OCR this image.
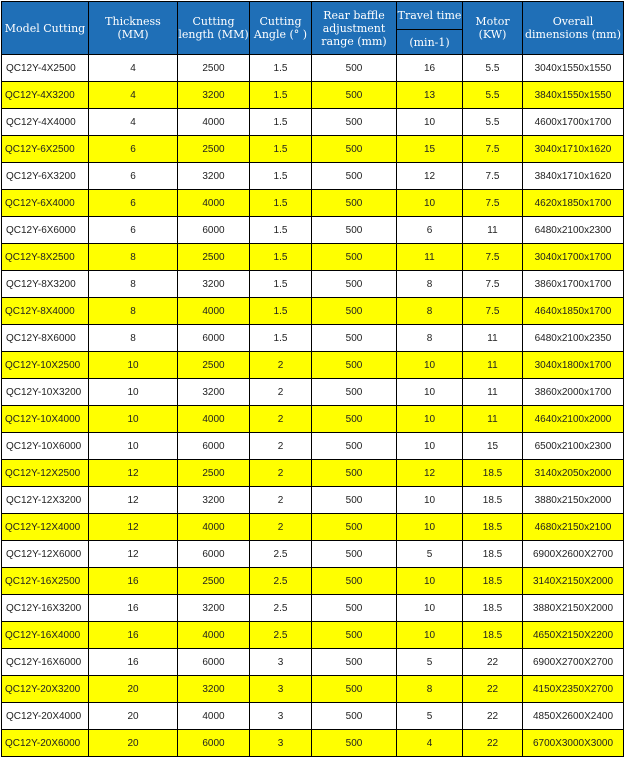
Model Cutting	Thickness (MM)	Cutting length (MM)	Cutting Angle (° )	Rear baffle adjustment range (mm)	Travel time	Motor (KW)	Overall dimensions (mm)
					(min-1)		
QC12Y-4X2500	4	2500	1.5	500	16	5.5	3040x1550x1550
QC12Y-4X3200	4	3200	1.5	500	13	5.5	3840x1550x1550
QC12Y-4X4000	4	4000	1.5	500	10	5.5	4600x1700x1700
QC12Y-6X2500	6	2500	1.5	500	15	7.5	3040x1710x1620
QC12Y-6X3200	6	3200	1.5	500	12	7.5	3840x1710x1620
QC12Y-6X4000	6	4000	1.5	500	10	7.5	4620x1850x1700
QC12Y-6X6000	6	6000	1.5	500	6	11	6480x2100x2300
QC12Y-8X2500	8	2500	1.5	500	11	7.5	3040x1700x1700
QC12Y-8X3200	8	3200	1.5	500	8	7.5	3860x1700x1700
QC12Y-8X4000	8	4000	1.5	500	8	7.5	4640x1850x1700
QC12Y-8X6000	8	6000	1.5	500	8	11	6480x2100x2350
QC12Y-10X2500	10	2500	2	500	10	11	3040x1800x1700
QC12Y-10X3200	10	3200	2	500	10	11	3860x2000x1700
QC12Y-10X4000	10	4000	2	500	10	11	4640x2100x2000
QC12Y-10X6000	10	6000	2	500	10	15	6500x2100x2300
QC12Y-12X2500	12	2500	2	500	12	18.5	3140x2050x2000
QC12Y-12X3200	12	3200	2	500	10	18.5	3880x2150x2000
QC12Y-12X4000	12	4000	2	500	10	18.5	4680x2150x2100
QC12Y-12X6000	12	6000	2.5	500	5	18.5	6900X2600X2700
QC12Y-16X2500	16	2500	2.5	500	10	18.5	3140X2150X2000
QC12Y-16X3200	16	3200	2.5	500	10	18.5	3880X2150X2000
QC12Y-16X4000	16	4000	2.5	500	10	18.5	4650X2150X2200
QC12Y-16X6000	16	6000	3	500	5	22	6900X2700X2700
QC12Y-20X3200	20	3200	3	500	8	22	4150X2350X2700
QC12Y-20X4000	20	4000	3	500	5	22	4850X2600X2400
QC12Y-20X6000	20	6000	3	500	4	22	6700X3000X3000
